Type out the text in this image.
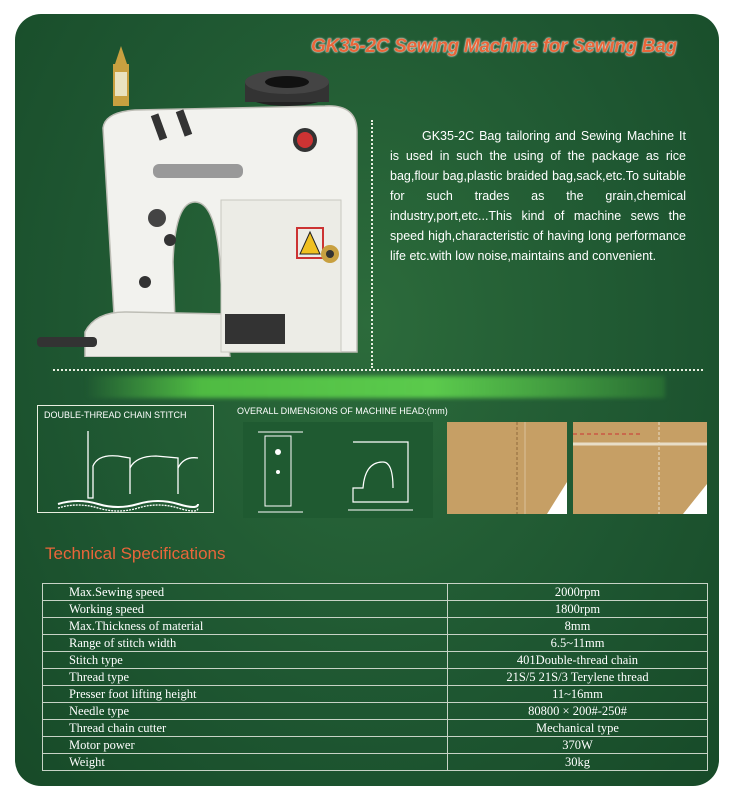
GK35-2C Sewing Machine for Sewing Bag
GK35-2C Bag tailoring and Sewing Machine It is used in such the using of the package as rice bag,flour bag,plastic braided bag,sack,etc.To suitable for such trades as the grain,chemical industry,port,etc...This kind of machine sews the speed high,characteristic of having long performance life etc.with low noise,maintains and convenient.
DOUBLE-THREAD CHAIN STITCH	OVERALL DIMENSIONS OF MACHINE HEAD:(mm)
Technical Specifications
Max.Sewing speed	2000rpm
Working speed	1800rpm
Max.Thickness of material	8mm
Range of stitch width	6.5~11mm
Stitch type	401Double-thread chain
Thread type	21S/5 21S/3 Terylene thread
Presser foot lifting height	11~16mm
Needle type	80800 × 200#-250#
Thread chain cutter	Mechanical type
Motor power	370W
Weight	30kg
